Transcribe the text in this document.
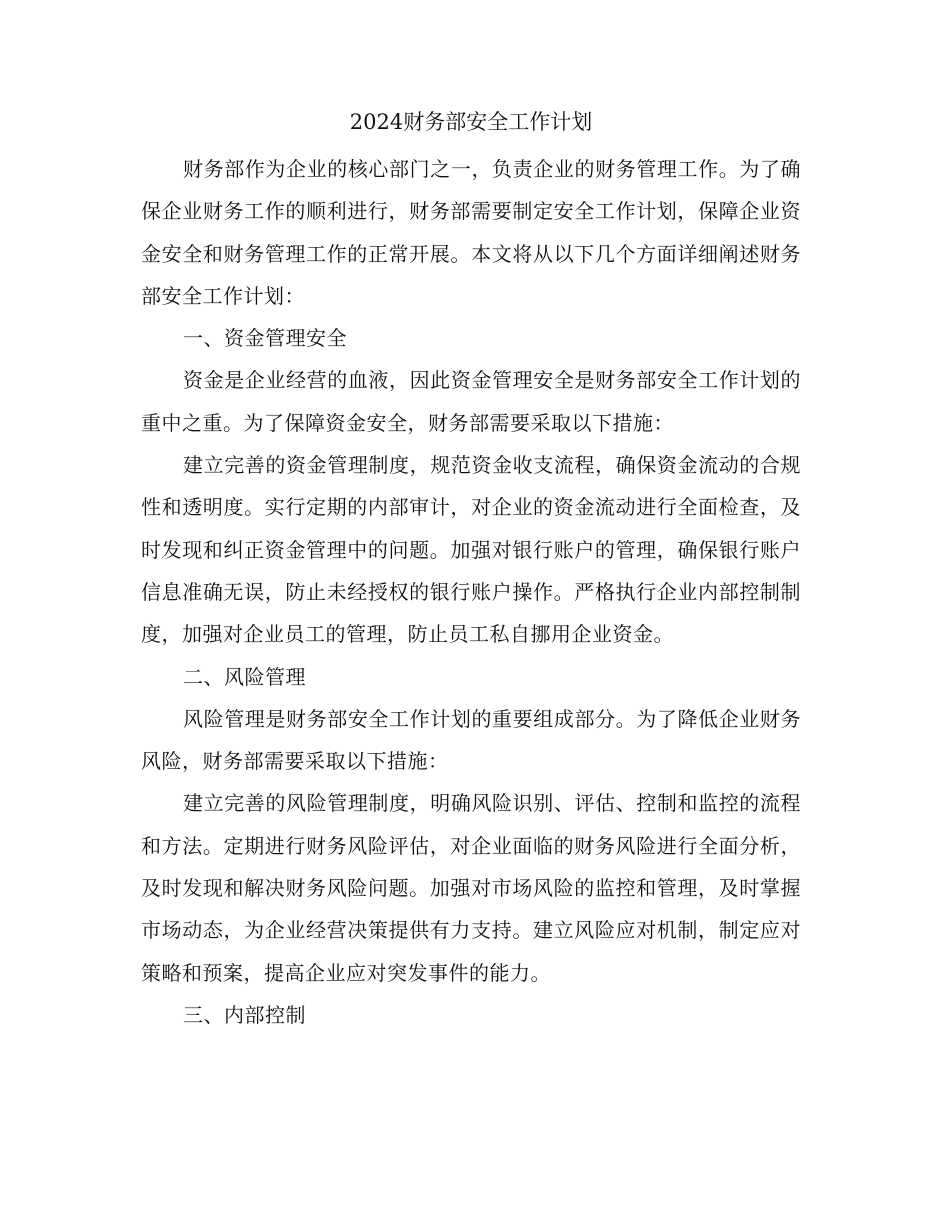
2024财务部安全工作计划

财务部作为企业的核心部门之一，负责企业的财务管理工作。为了确保企业财务工作的顺利进行，财务部需要制定安全工作计划，保障企业资金安全和财务管理工作的正常开展。本文将从以下几个方面详细阐述财务部安全工作计划：

一、资金管理安全

资金是企业经营的血液，因此资金管理安全是财务部安全工作计划的重中之重。为了保障资金安全，财务部需要采取以下措施：

建立完善的资金管理制度，规范资金收支流程，确保资金流动的合规性和透明度。实行定期的内部审计，对企业的资金流动进行全面检查，及时发现和纠正资金管理中的问题。加强对银行账户的管理，确保银行账户信息准确无误，防止未经授权的银行账户操作。严格执行企业内部控制制度，加强对企业员工的管理，防止员工私自挪用企业资金。

二、风险管理

风险管理是财务部安全工作计划的重要组成部分。为了降低企业财务风险，财务部需要采取以下措施：

建立完善的风险管理制度，明确风险识别、评估、控制和监控的流程和方法。定期进行财务风险评估，对企业面临的财务风险进行全面分析，及时发现和解决财务风险问题。加强对市场风险的监控和管理，及时掌握市场动态，为企业经营决策提供有力支持。建立风险应对机制，制定应对策略和预案，提高企业应对突发事件的能力。

三、内部控制
